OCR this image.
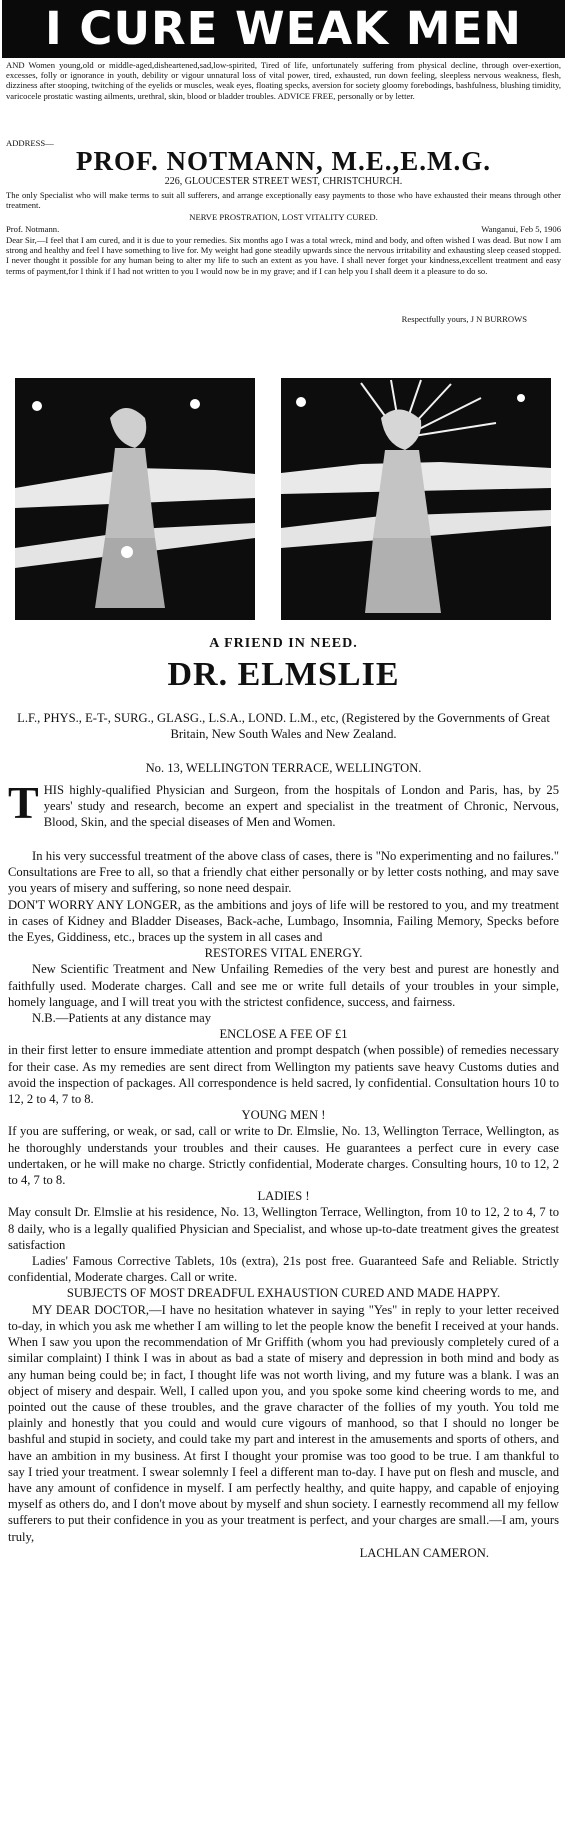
I CURE WEAK MEN
AND Women young,old or middle-aged,disheartened,sad,low-spirited, Tired of life, unfortunately suffering from physical decline, through over-exertion, excesses, folly or ignorance in youth, debility or vigour unnatural loss of vital power, tired, exhausted, run down feeling, sleepless nervous weakness, flesh, dizziness after stooping, twitching of the eyelids or muscles, weak eyes, floating specks, aversion for society gloomy forebodings, bashfulness, blushing timidity, varicocele prostatic wasting ailments, urethral, skin, blood or bladder troubles. ADVICE FREE, personally or by letter.
ADDRESS—
PROF. NOTMANN, M.E.,E.M.G.
226, GLOUCESTER STREET WEST, CHRISTCHURCH.
The only Specialist who will make terms to suit all sufferers, and arrange exceptionally easy payments to those who have exhausted their means through other treatment.
NERVE PROSTRATION, LOST VITALITY CURED.
Prof. Notmann.	Wanganui, Feb 5, 1906
Dear Sir,—I feel that I am cured, and it is due to your remedies. Six months ago I was a total wreck, mind and body, and often wished I was dead. But now I am strong and healthy and feel I have something to live for. My weight had gone steadily upwards since the nervous irritability and exhausting sleep ceased stopped. I never thought it possible for any human being to alter my life to such an extent as you have. I shall never forget your kindness,excellent treatment and easy terms of payment,for I think if I had not written to you I would now be in my grave; and if I can help you I shall deem it a pleasure to do so.
Respectfully yours, J N BURROWS
A FRIEND IN NEED.
DR. ELMSLIE
L.F., PHYS., E-T-, SURG., GLASG., L.S.A., LOND. L.M., etc, (Registered by the Governments of Great Britain, New South Wales and New Zealand.
No. 13, WELLINGTON TERRACE, WELLINGTON.
T HIS highly-qualified Physician and Surgeon, from the hospitals of London and Paris, has, by 25 years' study and research, become an expert and specialist in the treatment of Chronic, Nervous, Blood, Skin, and the special diseases of Men and Women.

In his very successful treatment of the above class of cases, there is "No experimenting and no failures." Consultations are Free to all, so that a friendly chat either personally or by letter costs nothing, and may save you years of misery and suffering, so none need despair.

DON'T WORRY ANY LONGER, as the ambitions and joys of life will be restored to you, and my treatment in cases of Kidney and Bladder Diseases, Back-ache, Lumbago, Insomnia, Failing Memory, Specks before the Eyes, Giddiness, etc., braces up the system in all cases and

RESTORES VITAL ENERGY.

New Scientific Treatment and New Unfailing Remedies of the very best and purest are honestly and faithfully used. Moderate charges. Call and see me or write full details of your troubles in your simple, homely language, and I will treat you with the strictest confidence, success, and fairness.

N.B.—Patients at any distance may

ENCLOSE A FEE OF £1

in their first letter to ensure immediate attention and prompt despatch (when possible) of remedies necessary for their case. As my remedies are sent direct from Wellington my patients save heavy Customs duties and avoid the inspection of packages. All correspondence is held sacred, ly confidential. Consultation hours 10 to 12, 2 to 4, 7 to 8.

YOUNG MEN !

If you are suffering, or weak, or sad, call or write to Dr. Elmslie, No. 13, Wellington Terrace, Wellington, as he thoroughly understands your troubles and their causes. He guarantees a perfect cure in every case undertaken, or he will make no charge. Strictly confidential, Moderate charges. Consulting hours, 10 to 12, 2 to 4, 7 to 8.

LADIES !

May consult Dr. Elmslie at his residence, No. 13, Wellington Terrace, Wellington, from 10 to 12, 2 to 4, 7 to 8 daily, who is a legally qualified Physician and Specialist, and whose up-to-date treatment gives the greatest satisfaction

Ladies' Famous Corrective Tablets, 10s (extra), 21s post free. Guaranteed Safe and Reliable. Strictly confidential, Moderate charges. Call or write.

SUBJECTS OF MOST DREADFUL EXHAUSTION CURED AND MADE HAPPY.

MY DEAR DOCTOR,—I have no hesitation whatever in saying "Yes" in reply to your letter received to-day, in which you ask me whether I am willing to let the people know the benefit I received at your hands. When I saw you upon the recommendation of Mr Griffith (whom you had previously completely cured of a similar complaint) I think I was in about as bad a state of misery and depression in both mind and body as any human being could be; in fact, I thought life was not worth living, and my future was a blank. I was an object of misery and despair. Well, I called upon you, and you spoke some kind cheering words to me, and pointed out the cause of these troubles, and the grave character of the follies of my youth. You told me plainly and honestly that you could and would cure vigours of manhood, so that I should no longer be bashful and stupid in society, and could take my part and interest in the amusements and sports of others, and have an ambition in my business. At first I thought your promise was too good to be true. I am thankful to say I tried your treatment. I swear solemnly I feel a different man to-day. I have put on flesh and muscle, and have any amount of confidence in myself. I am perfectly healthy, and quite happy, and capable of enjoying myself as others do, and I don't move about by myself and shun society. I earnestly recommend all my fellow sufferers to put their confidence in you as your treatment is perfect, and your charges are small.—I am, yours truly,

LACHLAN CAMERON.
